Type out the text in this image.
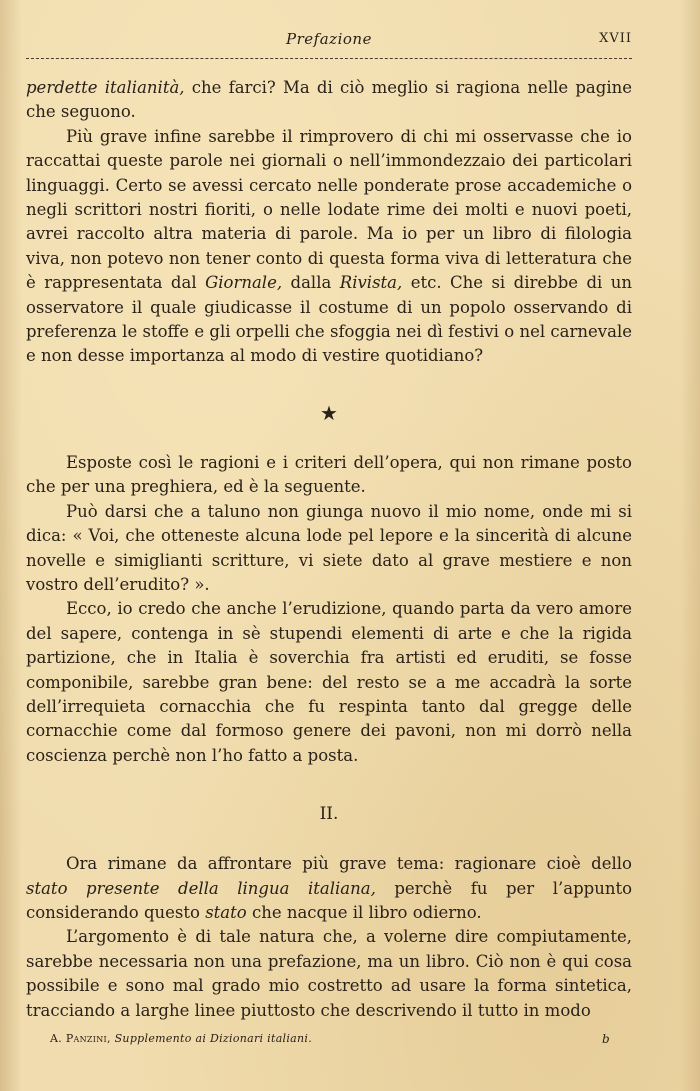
Prefazione	XVII

perdette italianità, che farci? Ma di ciò meglio si ragiona nelle pagine che seguono.

Più grave infine sarebbe il rimprovero di chi mi osservasse che io raccattai queste parole nei giornali o nell’immondezzaio dei particolari linguaggi. Certo se avessi cercato nelle ponderate prose accademiche o negli scrittori nostri fioriti, o nelle lodate rime dei molti e nuovi poeti, avrei raccolto altra materia di parole. Ma io per un libro di filologia viva, non potevo non tener conto di questa forma viva di letteratura che è rappresentata dal Giornale, dalla Rivista, etc. Che si direbbe di un osservatore il quale giudicasse il costume di un popolo osservando di preferenza le stoffe e gli orpelli che sfoggia nei dì festivi o nel carnevale e non desse importanza al modo di vestire quotidiano?

★

Esposte così le ragioni e i criteri dell’opera, qui non rimane posto che per una preghiera, ed è la seguente.

Può darsi che a taluno non giunga nuovo il mio nome, onde mi si dica: « Voi, che otteneste alcuna lode pel lepore e la sincerità di alcune novelle e simiglianti scritture, vi siete dato al grave mestiere e non vostro dell’erudito? ».

Ecco, io credo che anche l’erudizione, quando parta da vero amore del sapere, contenga in sè stupendi elementi di arte e che la rigida partizione, che in Italia è soverchia fra artisti ed eruditi, se fosse componibile, sarebbe gran bene: del resto se a me accadrà la sorte dell’irrequieta cornacchia che fu respinta tanto dal gregge delle cornacchie come dal formoso genere dei pavoni, non mi dorrò nella coscienza perchè non l’ho fatto a posta.

II.

Ora rimane da affrontare più grave tema: ragionare cioè dello stato presente della lingua italiana, perchè fu per l’appunto considerando questo stato che nacque il libro odierno.

L’argomento è di tale natura che, a volerne dire compiutamente, sarebbe necessaria non una prefazione, ma un libro. Ciò non è qui cosa possibile e sono mal grado mio costretto ad usare la forma sintetica, tracciando a larghe linee piuttosto che descrivendo il tutto in modo

A. Panzini, Supplemento ai Dizionari italiani.	b
